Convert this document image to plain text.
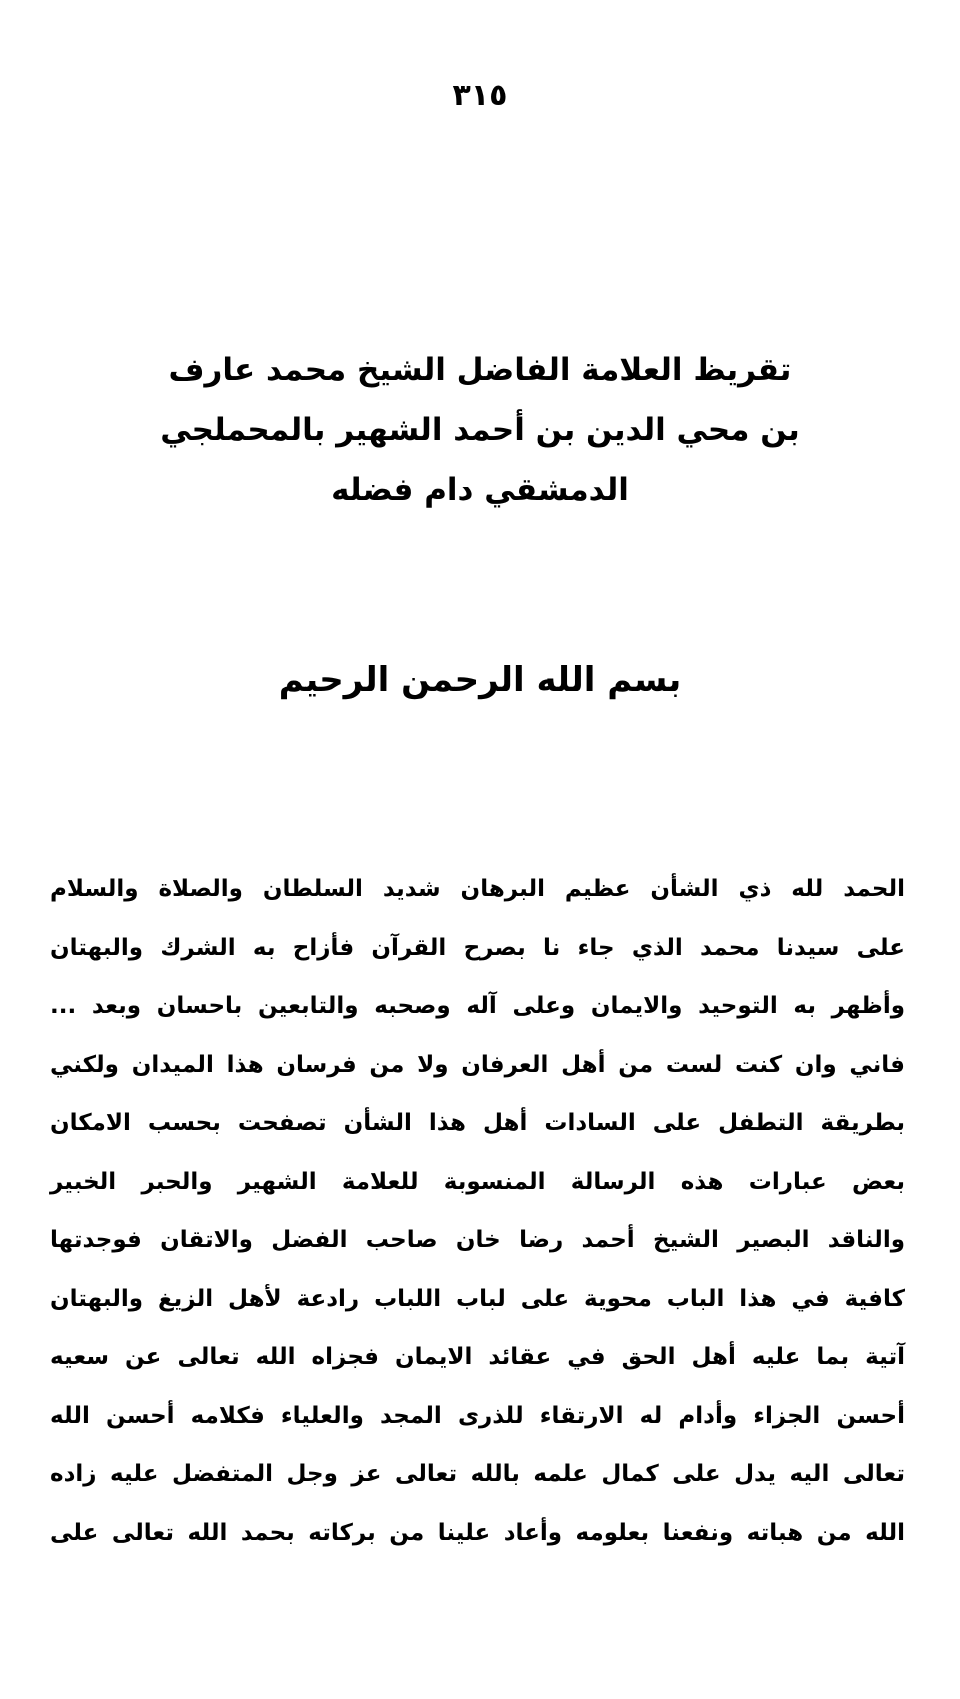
٣١٥
تقريظ العلامة الفاضل الشيخ محمد عارف
بن محي الدين بن أحمد الشهير بالمحملجي
الدمشقي دام فضله
بسم الله الرحمن الرحيم
الحمد لله ذي الشأن عظيم البرهان شديد السلطان والصلاة والسلام
على سيدنا محمد الذي جاء نا بصرح القرآن فأزاح به الشرك والبهتان
وأظهر به التوحيد والايمان وعلى آله وصحبه والتابعين باحسان وبعد ...
فاني وان كنت لست من أهل العرفان ولا من فرسان هذا الميدان ولكني
بطريقة التطفل على السادات أهل هذا الشأن تصفحت بحسب الامكان
بعض عبارات هذه الرسالة المنسوبة للعلامة الشهير والحبر الخبير
والناقد البصير الشيخ أحمد رضا خان صاحب الفضل والاتقان فوجدتها
كافية في هذا الباب محوية على لباب اللباب رادعة لأهل الزيغ والبهتان
آتية بما عليه أهل الحق في عقائد الايمان فجزاه الله تعالى عن سعيه
أحسن الجزاء وأدام له الارتقاء للذرى المجد والعلياء فكلامه أحسن الله
تعالى اليه يدل على كمال علمه بالله تعالى عز وجل المتفضل عليه زاده
الله من هباته ونفعنا بعلومه وأعاد علينا من بركاته بحمد الله تعالى على
